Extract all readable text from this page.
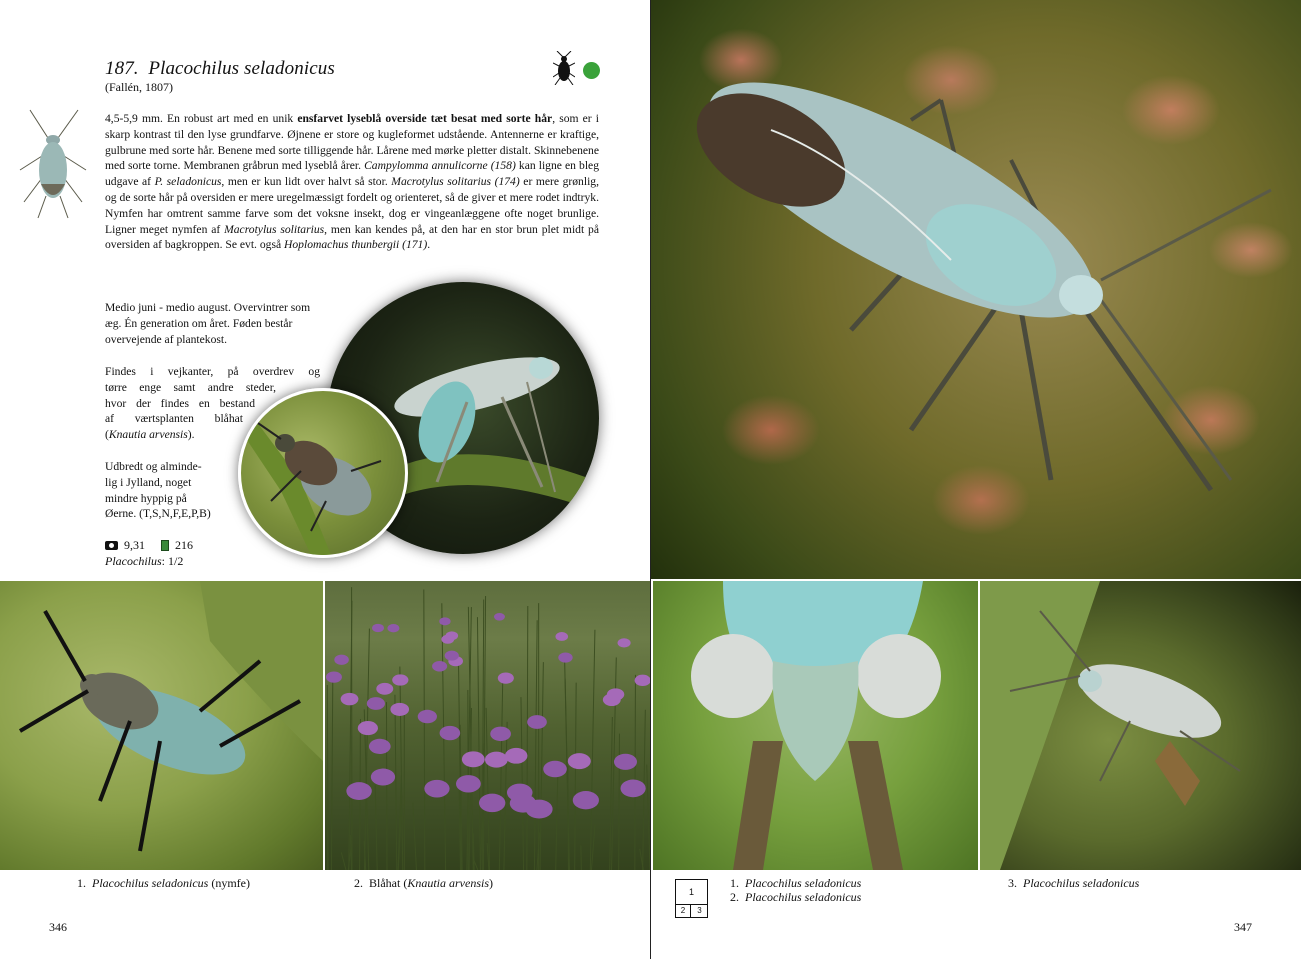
187. Placochilus seladonicus
(Fallén, 1807)

4,5-5,9 mm. En robust art med en unik ensfarvet lyseblå overside tæt besat med sorte hår, som er i skarp kontrast til den lyse grundfarve. Øjnene er store og kugleformet udstående. Antennerne er kraftige, gulbrune med sorte hår. Benene med sorte tilliggende hår. Lårene med mørke pletter distalt. Skinnebenene med sorte torne. Membranen gråbrun med lyseblå årer. Campylomma annulicorne (158) kan ligne en bleg udgave af P. seladonicus, men er kun lidt over halvt så stor. Macrotylus solitarius (174) er mere grønlig, og de sorte hår på oversiden er mere uregelmæssigt fordelt og orienteret, så de giver et mere rodet indtryk. Nymfen har omtrent samme farve som det voksne insekt, dog er vingeanlæggene ofte noget brunlige. Ligner meget nymfen af Macrotylus solitarius, men kan kendes på, at den har en stor brun plet midt på oversiden af bagkroppen. Se evt. også Hoplomachus thunbergii (171).

Medio juni - medio august. Overvintrer som
æg. Én generation om året. Føden består
overvejende af plantekost.
Findes i vejkanter, på overdrev og
tørre enge samt andre steder,
hvor der findes en bestand
af værtsplanten blåhat
(Knautia arvensis).
Udbredt og alminde-
lig i Jylland, noget
mindre hyppig på
Øerne. (T,S,N,F,E,P,B)
9,31	216
Placochilus: 1/2
1. Placochilus seladonicus (nymfe)	2. Blåhat (Knautia arvensis)
1
2	3
1. Placochilus seladonicus
2. Placochilus seladonicus
3. Placochilus seladonicus
346	347
